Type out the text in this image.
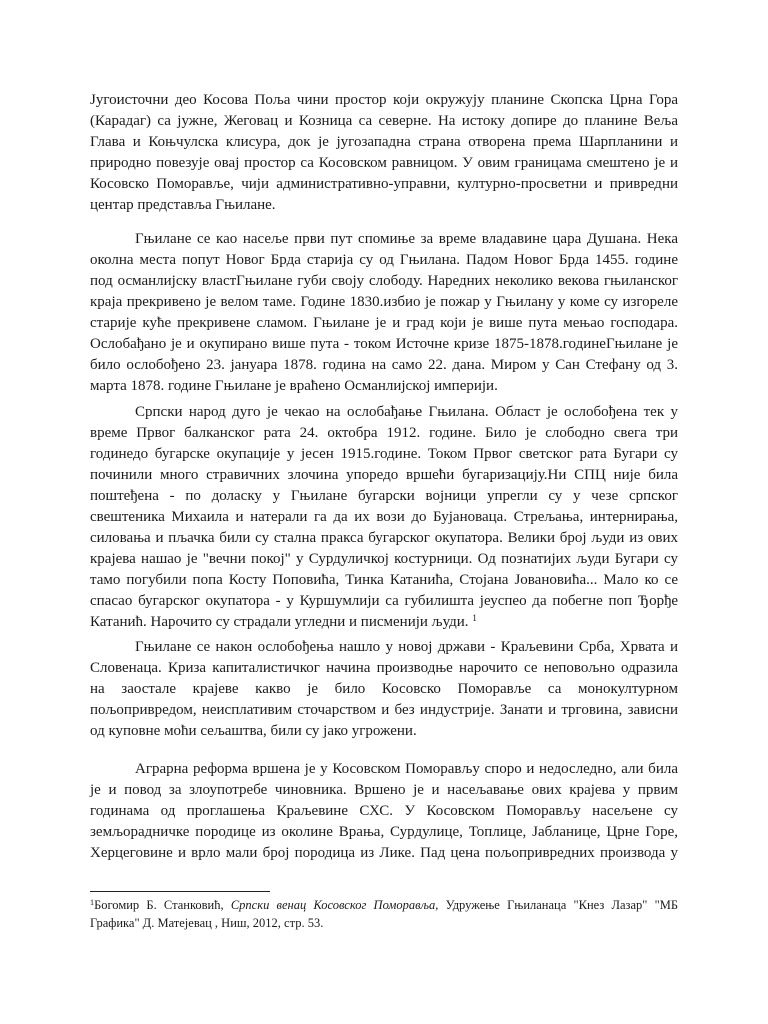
Југоисточни део Косова Поља чини простор који окружују планине Скопска Црна Гора
(Карадаг) са јужне, Жеговац и Козница са северне. На истоку допире до планине Веља
Глава и Коњчулска клисура, док је југозападна страна отворена према Шарпланини и
природно повезује овај простор са Косовском равницом. У овим границама смештено је и
Косовско Поморавље, чији административно-управни, културно-просветни и привредни
центар представља Гњилане.
Гњилане се као насеље први пут спомиње за време владавине цара Душана. Нека
околна места попут Новог Брда старија су од Гњилана. Падом Новог Брда 1455. године
под османлијску властГњилане губи своју слободу. Наредних неколико векова гњиланског
краја прекривено је велом таме. Године 1830.избио је пожар у Гњилану у коме су изгореле
старије куће прекривене сламом. Гњилане је и град који је више пута мењао господара.
Ослобађано је и окупирано више пута - током Источне кризе 1875-1878.годинеГњилане је
било ослобођено 23. јануара 1878. година на само 22. дана. Миром у Сан Стефану од 3.
марта 1878. године Гњилане је враћено Османлијској империји.
Српски народ дуго је чекао на ослобађање Гњилана. Област је ослобођена тек у
време Првог балканског рата 24. октобра 1912. године. Било је слободно свега три
годинедо бугарске окупације у јесен 1915.године. Током Првог светског рата Бугари су
починили много стравичних злочина упоредо вршећи бугаризацију.Ни СПЦ није била
поштеђена - по доласку у Гњилане бугарски војници упрегли су у чезе српског
свештеника Михаила и натерали га да их вози до Бујановаца. Стрељања, интернирања,
силовања и пљачка били су стална пракса бугарског окупатора. Велики број људи из ових
крајева нашао је "вечни покој" у Сурдуличкој костурници. Од познатијих људи Бугари су
тамо погубили попа Косту Поповића, Тинка Катанића, Стојана Јовановића... Мало ко се
спасао бугарског окупатора - у Куршумлији са губилишта јеуспео да побегне поп Ђорђе
Катанић. Нарочито су страдали угледни и писменији људи. $^1$
Гњилане се након ослобођења нашло у новој држави - Краљевини Срба, Хрвата и
Словенаца. Криза капиталистичког начина производње нарочито се неповољно одразила
на заостале крајеве какво је било Косовско Поморавље са монокултурном
пољопривредом, неисплативим сточарством и без индустрије. Занати и трговина, зависни
од куповне моћи сељаштва, били су јако угрожени.
Аграрна реформа вршена је у Косовском Поморављу споро и недоследно, али била
је и повод за злоупотребе чиновника. Вршено је и насељавање ових крајева у првим
годинама од проглашења Краљевине СХС. У Косовском Поморављу насељене су
земљорадничке породице из околине Врања, Сурдулице, Топлице, Јабланице, Црне Горе,
Херцеговине и врло мали број породица из Лике. Пад цена пољопривредних производа у
$^1$Богомир Б. Станковић, Српски венац Косовског Поморавља, Удружење Гњиланаца "Кнез Лазар" "МБ
Графика" Д. Матејевац , Ниш, 2012, стр. 53.
